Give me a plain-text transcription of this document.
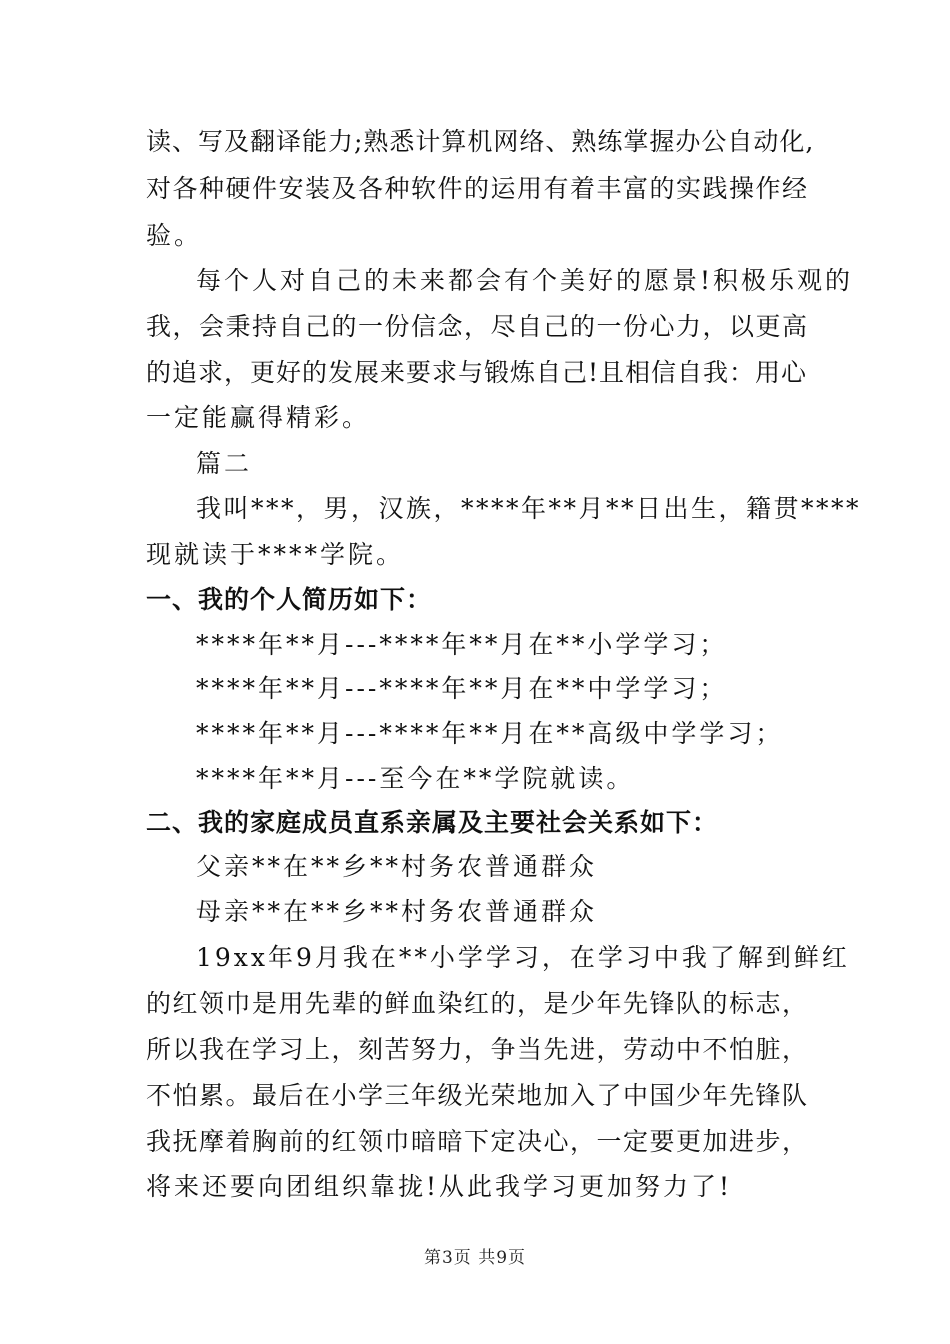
读、写及翻译能力;熟悉计算机网络、熟练掌握办公自动化,
对各种硬件安装及各种软件的运用有着丰富的实践操作经
验。
每个人对自己的未来都会有个美好的愿景!积极乐观的
我，会秉持自己的一份信念，尽自己的一份心力，以更高
的追求，更好的发展来要求与锻炼自己!且相信自我：用心
一定能赢得精彩。
篇二
我叫***，男，汉族，****年**月**日出生，籍贯****
现就读于****学院。
一、我的个人简历如下：
****年**月---****年**月在**小学学习；
****年**月---****年**月在**中学学习；
****年**月---****年**月在**高级中学学习；
****年**月---至今在**学院就读。
二、我的家庭成员直系亲属及主要社会关系如下：
父亲**在**乡**村务农普通群众
母亲**在**乡**村务农普通群众
19xx年9月我在**小学学习，在学习中我了解到鲜红
的红领巾是用先辈的鲜血染红的，是少年先锋队的标志，
所以我在学习上，刻苦努力，争当先进，劳动中不怕脏，
不怕累。最后在小学三年级光荣地加入了中国少年先锋队
我抚摩着胸前的红领巾暗暗下定决心，一定要更加进步，
将来还要向团组织靠拢!从此我学习更加努力了!
第3页 共9页
